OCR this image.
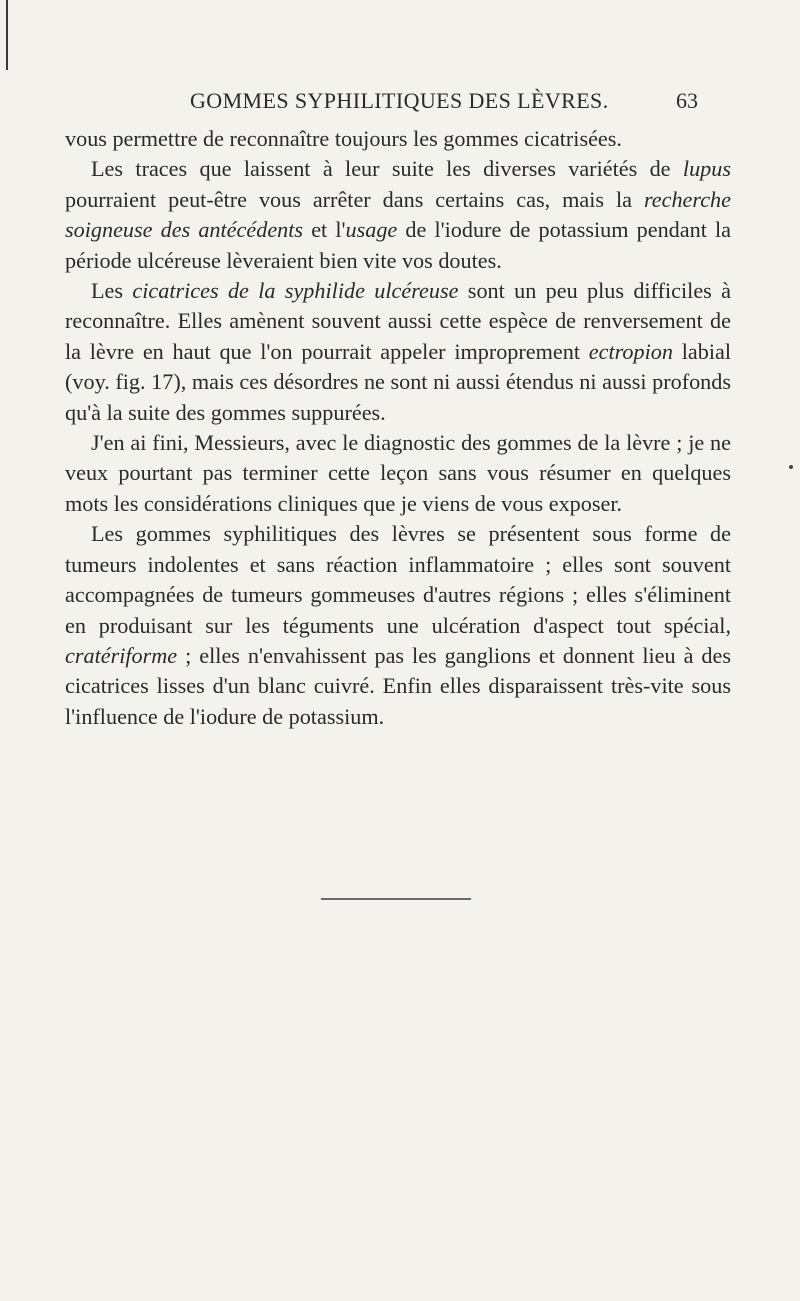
GOMMES SYPHILITIQUES DES LÈVRES.	63

vous permettre de reconnaître toujours les gommes cicatrisées.

Les traces que laissent à leur suite les diverses variétés de lupus pourraient peut-être vous arrêter dans certains cas, mais la recherche soigneuse des antécédents et l'usage de l'iodure de potassium pendant la période ulcéreuse lèveraient bien vite vos doutes.

Les cicatrices de la syphilide ulcéreuse sont un peu plus difficiles à reconnaître. Elles amènent souvent aussi cette espèce de renversement de la lèvre en haut que l'on pourrait appeler improprement ectropion labial (voy. fig. 17), mais ces désordres ne sont ni aussi étendus ni aussi profonds qu'à la suite des gommes suppurées.

J'en ai fini, Messieurs, avec le diagnostic des gommes de la lèvre ; je ne veux pourtant pas terminer cette leçon sans vous résumer en quelques mots les considérations cliniques que je viens de vous exposer.

Les gommes syphilitiques des lèvres se présentent sous forme de tumeurs indolentes et sans réaction inflammatoire ; elles sont souvent accompagnées de tumeurs gommeuses d'autres régions ; elles s'éliminent en produisant sur les téguments une ulcération d'aspect tout spécial, cratériforme ; elles n'envahissent pas les ganglions et donnent lieu à des cicatrices lisses d'un blanc cuivré. Enfin elles disparaissent très-vite sous l'influence de l'iodure de potassium.
